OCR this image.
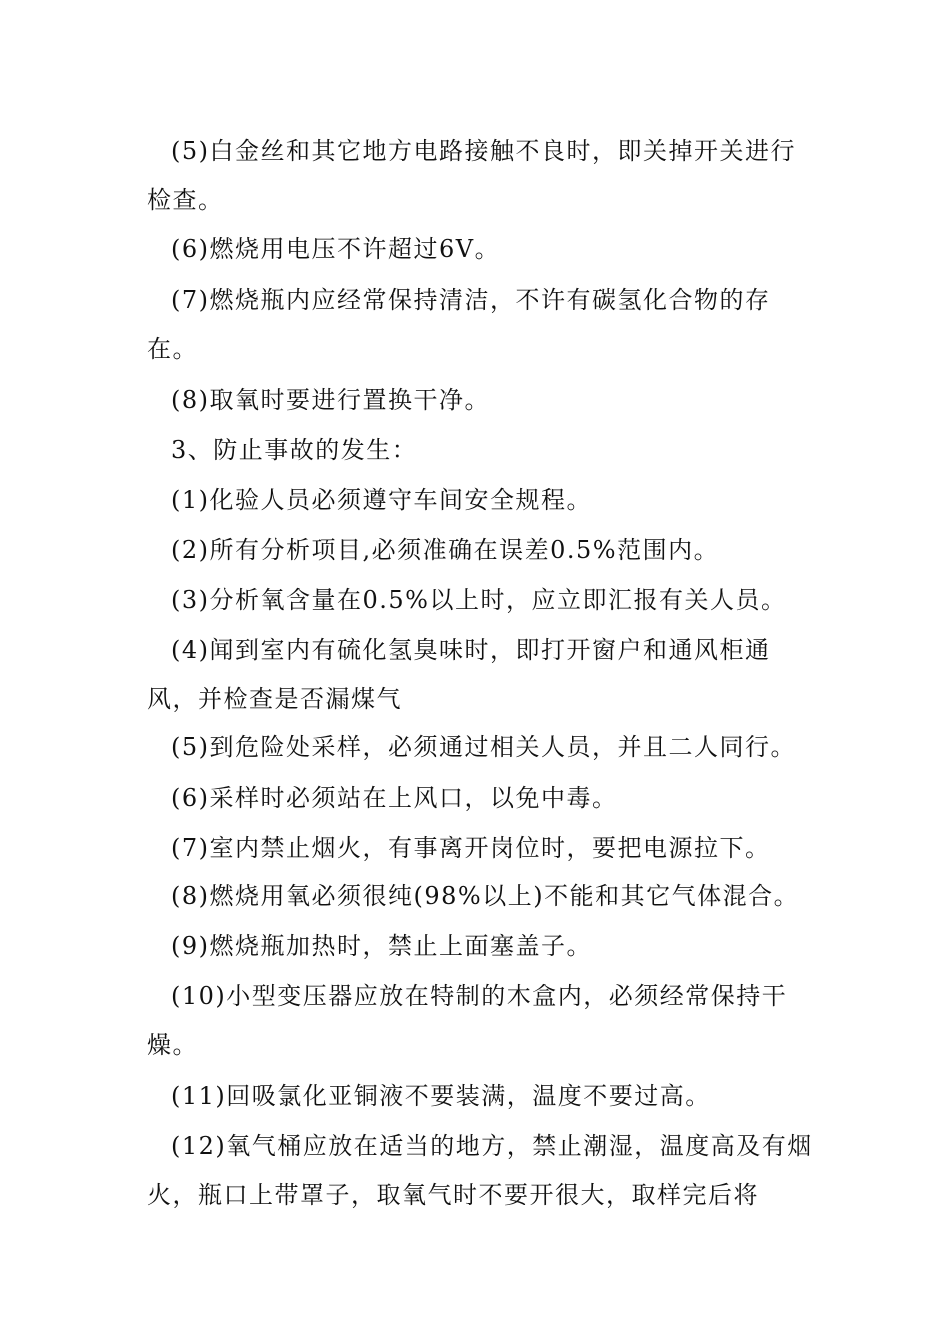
(5)白金丝和其它地方电路接触不良时，即关掉开关进行检查。

(6)燃烧用电压不许超过6V。

(7)燃烧瓶内应经常保持清洁，不许有碳氢化合物的存在。

(8)取氧时要进行置换干净。

3、防止事故的发生：

(1)化验人员必须遵守车间安全规程。

(2)所有分析项目,必须准确在误差0.5%范围内。

(3)分析氧含量在0.5%以上时，应立即汇报有关人员。

(4)闻到室内有硫化氢臭味时，即打开窗户和通风柜通风，并检查是否漏煤气

(5)到危险处采样，必须通过相关人员，并且二人同行。

(6)采样时必须站在上风口，以免中毒。

(7)室内禁止烟火，有事离开岗位时，要把电源拉下。

(8)燃烧用氧必须很纯(98%以上)不能和其它气体混合。

(9)燃烧瓶加热时，禁止上面塞盖子。

(10)小型变压器应放在特制的木盒内，必须经常保持干燥。

(11)回吸氯化亚铜液不要装满，温度不要过高。

(12)氧气桶应放在适当的地方，禁止潮湿，温度高及有烟火，瓶口上带罩子，取氧气时不要开很大，取样完后将
